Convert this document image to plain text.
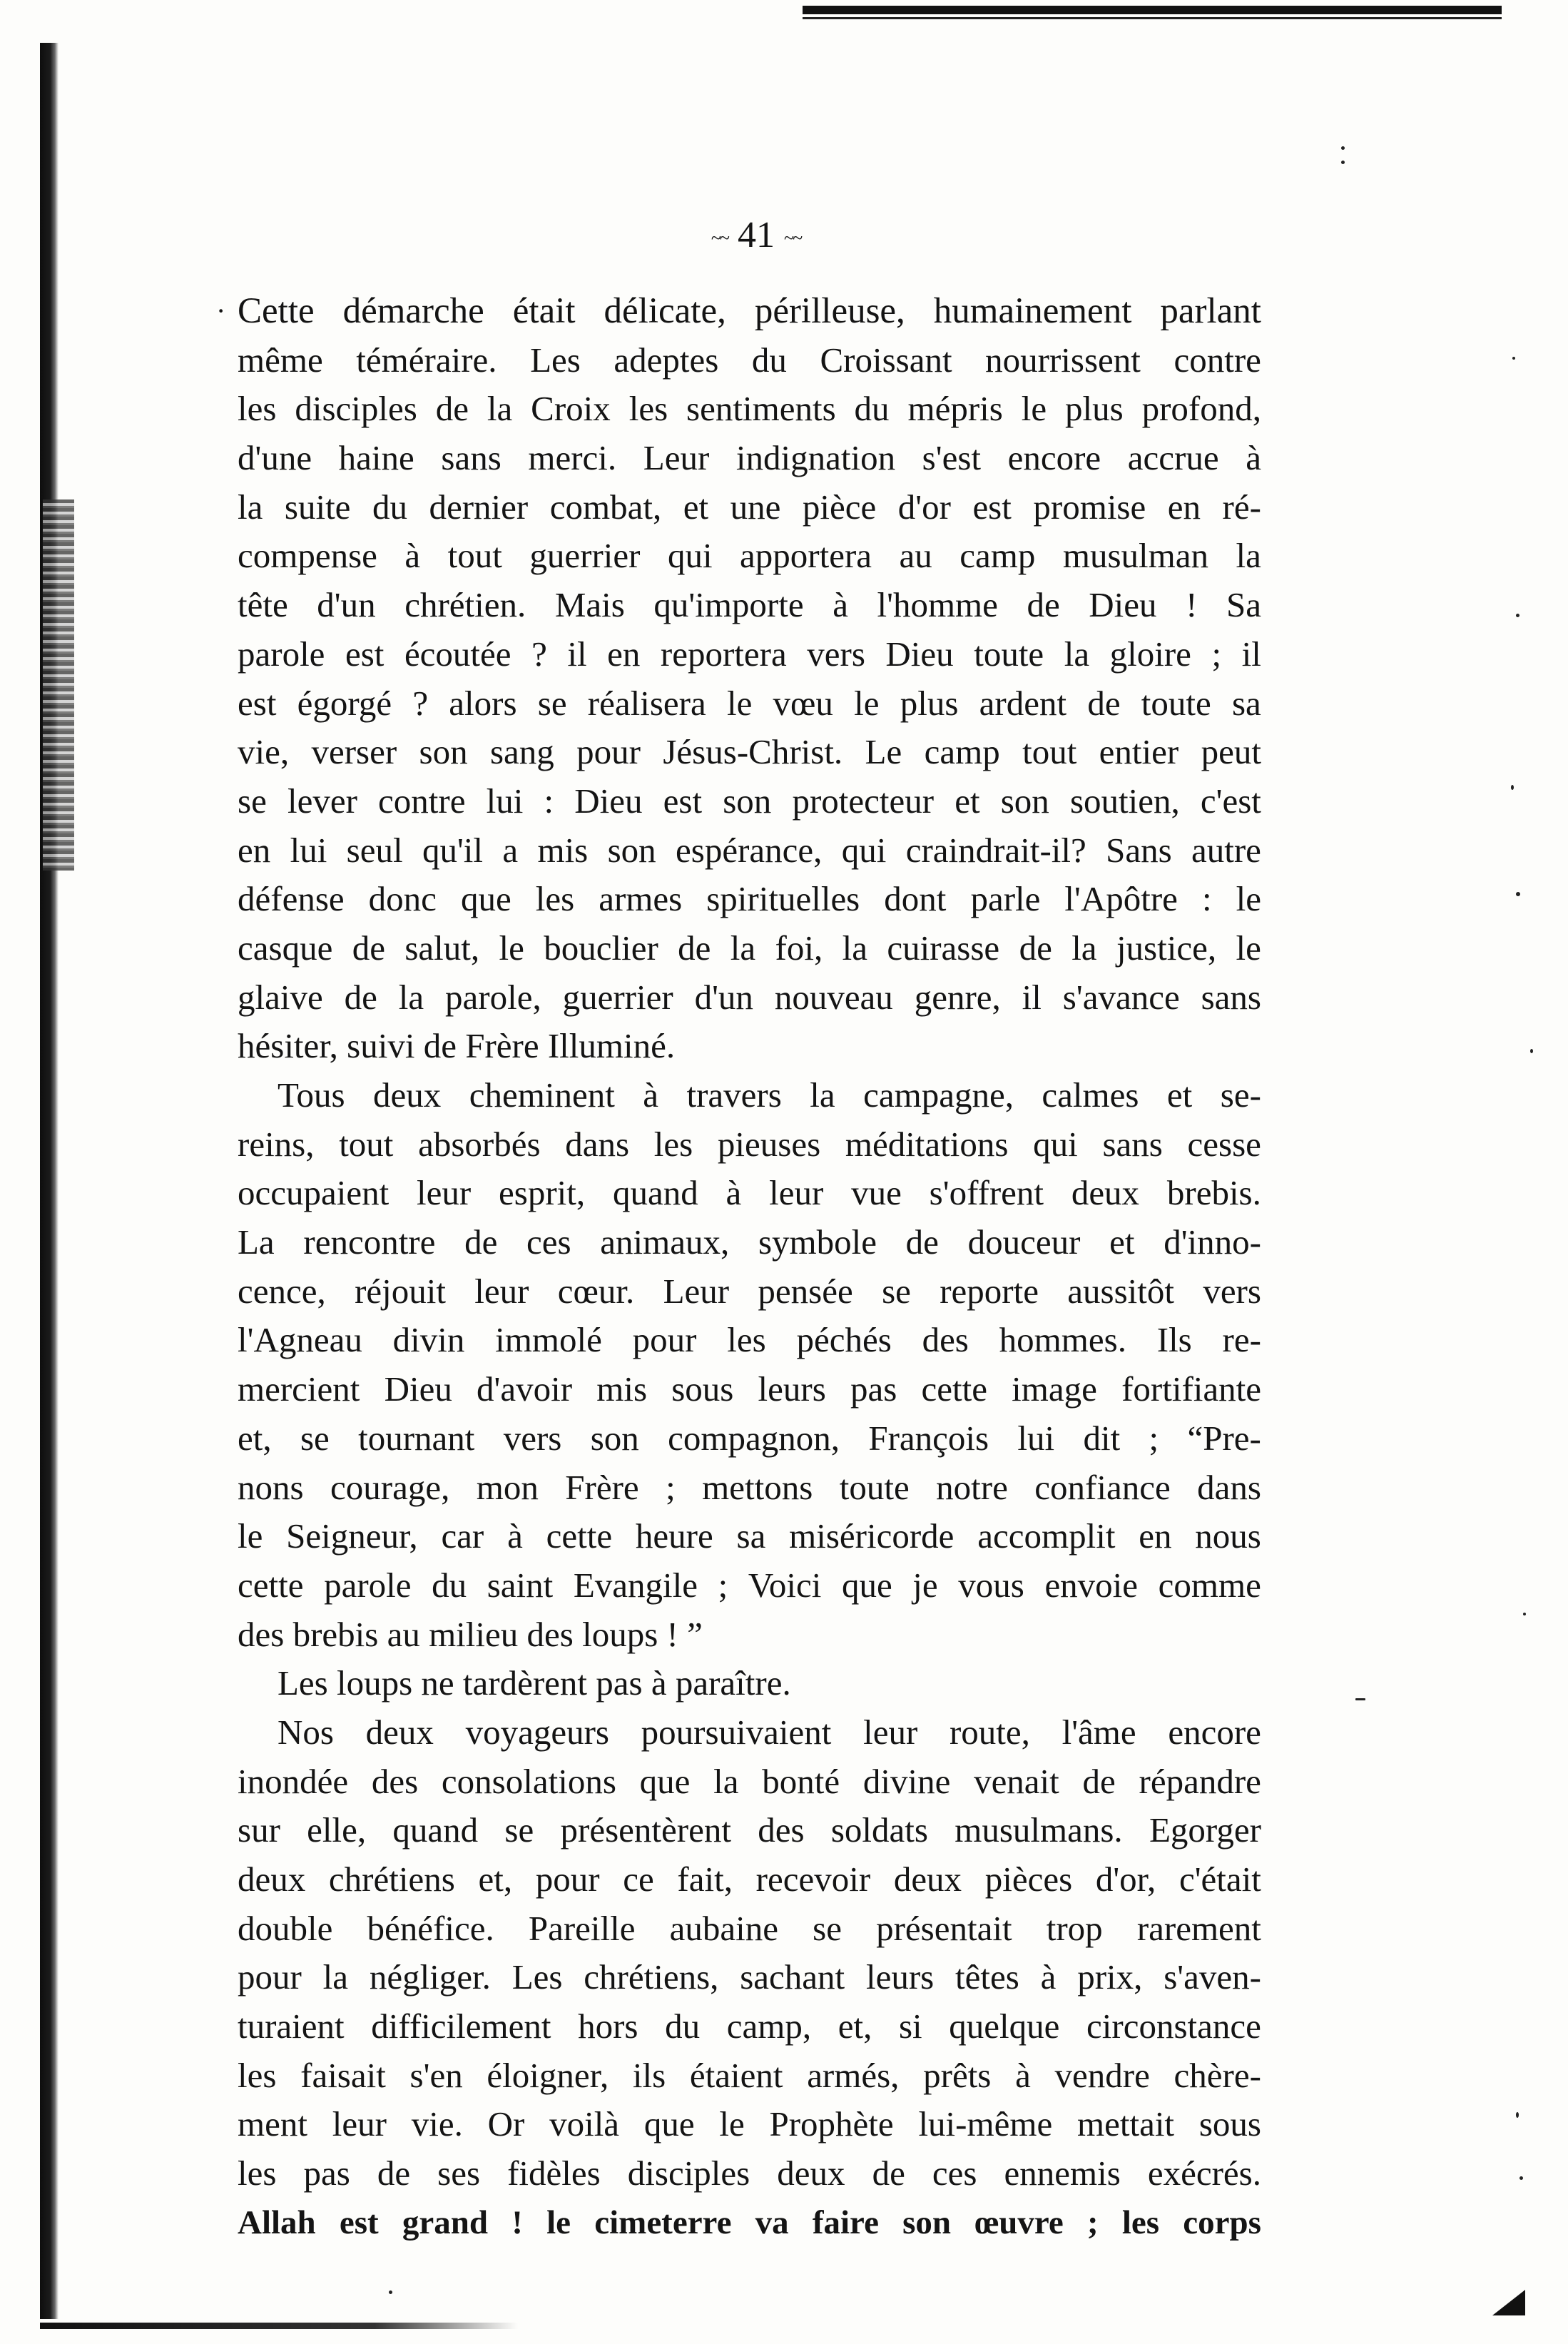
~~ 41 ~~
· Cette démarche était délicate, périlleuse, humainement parlant
même téméraire. Les adeptes du Croissant nourrissent contre
les disciples de la Croix les sentiments du mépris le plus profond,
d'une haine sans merci. Leur indignation s'est encore accrue à
la suite du dernier combat, et une pièce d'or est promise en ré-
compense à tout guerrier qui apportera au camp musulman la
tête d'un chrétien. Mais qu'importe à l'homme de Dieu ! Sa
parole est écoutée ? il en reportera vers Dieu toute la gloire ; il
est égorgé ? alors se réalisera le vœu le plus ardent de toute sa
vie, verser son sang pour Jésus-Christ. Le camp tout entier peut
se lever contre lui : Dieu est son protecteur et son soutien, c'est
en lui seul qu'il a mis son espérance, qui craindrait-il? Sans autre
défense donc que les armes spirituelles dont parle l'Apôtre : le
casque de salut, le bouclier de la foi, la cuirasse de la justice, le
glaive de la parole, guerrier d'un nouveau genre, il s'avance sans
hésiter, suivi de Frère Illuminé.
Tous deux cheminent à travers la campagne, calmes et se-
reins, tout absorbés dans les pieuses méditations qui sans cesse
occupaient leur esprit, quand à leur vue s'offrent deux brebis.
La rencontre de ces animaux, symbole de douceur et d'inno-
cence, réjouit leur cœur. Leur pensée se reporte aussitôt vers
l'Agneau divin immolé pour les péchés des hommes. Ils re-
mercient Dieu d'avoir mis sous leurs pas cette image fortifiante
et, se tournant vers son compagnon, François lui dit ; “Pre-
nons courage, mon Frère ; mettons toute notre confiance dans
le Seigneur, car à cette heure sa miséricorde accomplit en nous
cette parole du saint Evangile ; Voici que je vous envoie comme
des brebis au milieu des loups ! ”
Les loups ne tardèrent pas à paraître.
Nos deux voyageurs poursuivaient leur route, l'âme encore
inondée des consolations que la bonté divine venait de répandre
sur elle, quand se présentèrent des soldats musulmans. Egorger
deux chrétiens et, pour ce fait, recevoir deux pièces d'or, c'était
double bénéfice. Pareille aubaine se présentait trop rarement
pour la négliger. Les chrétiens, sachant leurs têtes à prix, s'aven-
turaient difficilement hors du camp, et, si quelque circonstance
les faisait s'en éloigner, ils étaient armés, prêts à vendre chère-
ment leur vie. Or voilà que le Prophète lui-même mettait sous
les pas de ses fidèles disciples deux de ces ennemis exécrés.
Allah est grand ! le cimeterre va faire son œuvre ; les corps
